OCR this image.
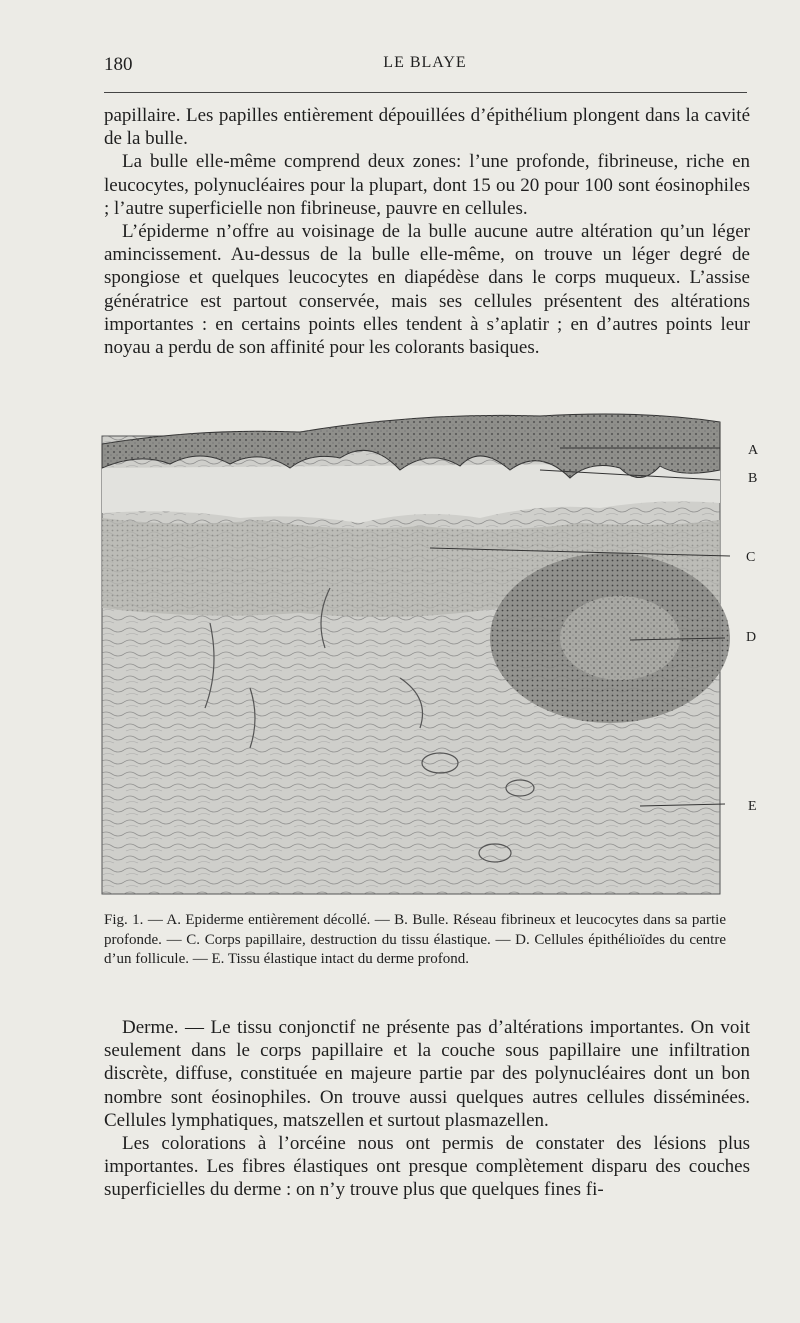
180	LE BLAYE

papillaire. Les papilles entièrement dépouillées d’épithélium plongent dans la cavité de la bulle.

La bulle elle-même comprend deux zones: l’une profonde, fibrineuse, riche en leucocytes, polynucléaires pour la plupart, dont 15 ou 20 pour 100 sont éosinophiles ; l’autre superficielle non fibrineuse, pauvre en cellules.

L’épiderme n’offre au voisinage de la bulle aucune autre altération qu’un léger amincissement. Au-dessus de la bulle elle-même, on trouve un léger degré de spongiose et quelques leucocytes en diapédèse dans le corps muqueux. L’assise génératrice est partout conservée, mais ses cellules présentent des altérations importantes : en certains points elles tendent à s’aplatir ; en d’autres points leur noyau a perdu de son affinité pour les colorants basiques.

A
B
C
D
E

Fig. 1. — A. Epiderme entièrement décollé. — B. Bulle. Réseau fibrineux et leucocytes dans sa partie profonde. — C. Corps papillaire, destruction du tissu élastique. — D. Cellules épithélioïdes du centre d’un follicule. — E. Tissu élastique intact du derme profond.

Derme. — Le tissu conjonctif ne présente pas d’altérations importantes. On voit seulement dans le corps papillaire et la couche sous papillaire une infiltration discrète, diffuse, constituée en majeure partie par des polynucléaires dont un bon nombre sont éosinophiles. On trouve aussi quelques autres cellules disséminées. Cellules lymphatiques, matszellen et surtout plasmazellen.

Les colorations à l’orcéine nous ont permis de constater des lésions plus importantes. Les fibres élastiques ont presque complètement disparu des couches superficielles du derme : on n’y trouve plus que quelques fines fi-
